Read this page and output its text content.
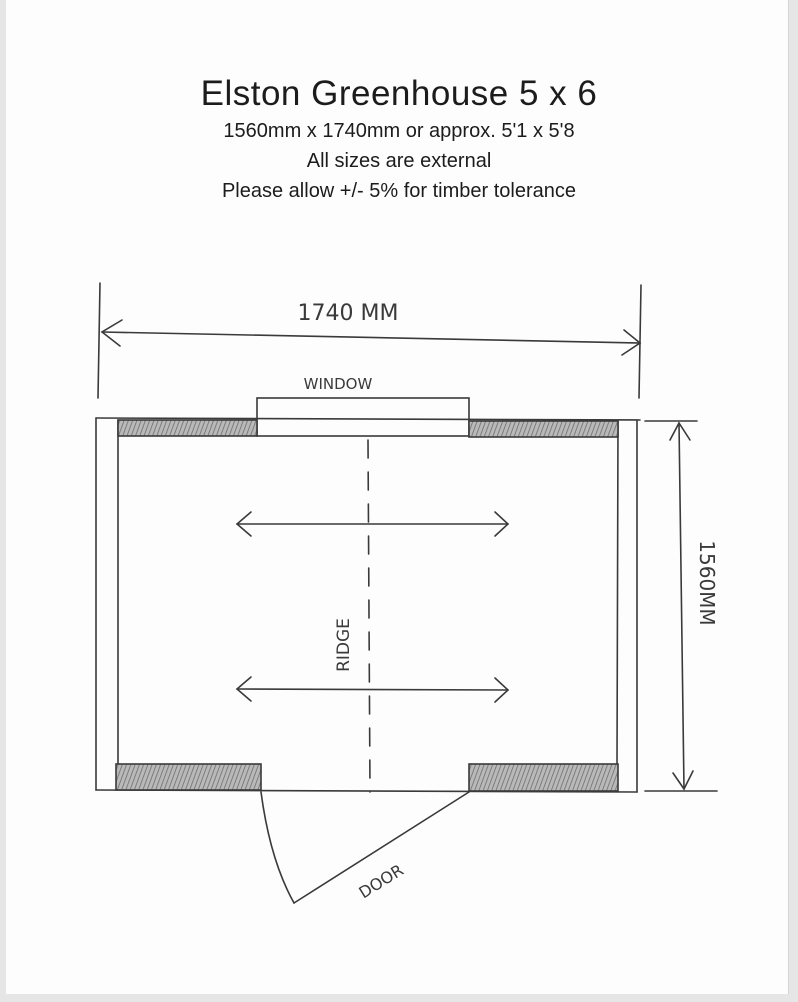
Elston Greenhouse 5 x 6
1560mm x 1740mm or approx. 5'1 x 5'8
All sizes are external
Please allow +/- 5% for timber tolerance
1740 MM
WINDOW
1560MM
RIDGE
DOOR
